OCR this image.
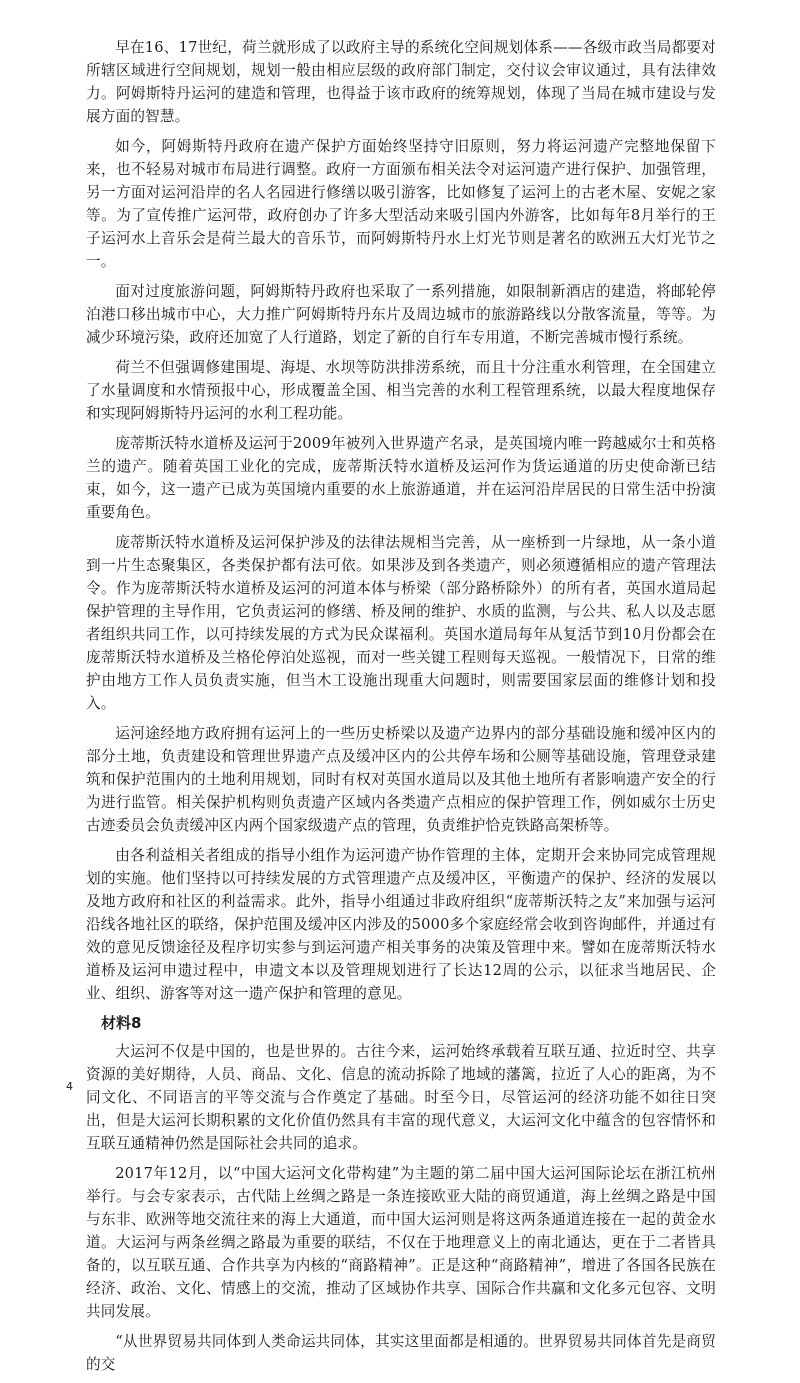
早在16、17世纪，荷兰就形成了以政府主导的系统化空间规划体系——各级市政当局都要对所辖区域进行空间规划，规划一般由相应层级的政府部门制定，交付议会审议通过，具有法律效力。阿姆斯特丹运河的建造和管理，也得益于该市政府的统筹规划，体现了当局在城市建设与发展方面的智慧。

如今，阿姆斯特丹政府在遗产保护方面始终坚持守旧原则，努力将运河遗产完整地保留下来，也不轻易对城市布局进行调整。政府一方面颁布相关法令对运河遗产进行保护、加强管理，另一方面对运河沿岸的名人名园进行修缮以吸引游客，比如修复了运河上的古老木屋、安妮之家等。为了宣传推广运河带，政府创办了许多大型活动来吸引国内外游客，比如每年8月举行的王子运河水上音乐会是荷兰最大的音乐节，而阿姆斯特丹水上灯光节则是著名的欧洲五大灯光节之一。

面对过度旅游问题，阿姆斯特丹政府也采取了一系列措施，如限制新酒店的建造，将邮轮停泊港口移出城市中心，大力推广阿姆斯特丹东片及周边城市的旅游路线以分散客流量，等等。为减少环境污染，政府还加宽了人行道路，划定了新的自行车专用道，不断完善城市慢行系统。

荷兰不但强调修建围堤、海堤、水坝等防洪排涝系统，而且十分注重水利管理，在全国建立了水量调度和水情预报中心，形成覆盖全国、相当完善的水利工程管理系统，以最大程度地保存和实现阿姆斯特丹运河的水利工程功能。

庞蒂斯沃特水道桥及运河于2009年被列入世界遗产名录，是英国境内唯一跨越威尔士和英格兰的遗产。随着英国工业化的完成，庞蒂斯沃特水道桥及运河作为货运通道的历史使命渐已结束，如今，这一遗产已成为英国境内重要的水上旅游通道，并在运河沿岸居民的日常生活中扮演重要角色。

庞蒂斯沃特水道桥及运河保护涉及的法律法规相当完善，从一座桥到一片绿地，从一条小道到一片生态聚集区，各类保护都有法可依。如果涉及到各类遗产，则必须遵循相应的遗产管理法令。作为庞蒂斯沃特水道桥及运河的河道本体与桥梁（部分路桥除外）的所有者，英国水道局起保护管理的主导作用，它负责运河的修缮、桥及闸的维护、水质的监测，与公共、私人以及志愿者组织共同工作，以可持续发展的方式为民众谋福利。英国水道局每年从复活节到10月份都会在庞蒂斯沃特水道桥及兰格伦停泊处巡视，而对一些关键工程则每天巡视。一般情况下，日常的维护由地方工作人员负责实施，但当木工设施出现重大问题时，则需要国家层面的维修计划和投入。

运河途经地方政府拥有运河上的一些历史桥梁以及遗产边界内的部分基础设施和缓冲区内的部分土地，负责建设和管理世界遗产点及缓冲区内的公共停车场和公厕等基础设施，管理登录建筑和保护范围内的土地利用规划，同时有权对英国水道局以及其他土地所有者影响遗产安全的行为进行监管。相关保护机构则负责遗产区域内各类遗产点相应的保护管理工作，例如威尔士历史古迹委员会负责缓冲区内两个国家级遗产点的管理，负责维护恰克铁路高架桥等。

由各利益相关者组成的指导小组作为运河遗产协作管理的主体，定期开会来协同完成管理规划的实施。他们坚持以可持续发展的方式管理遗产点及缓冲区，平衡遗产的保护、经济的发展以及地方政府和社区的利益需求。此外，指导小组通过非政府组织“庞蒂斯沃特之友”来加强与运河沿线各地社区的联络，保护范围及缓冲区内涉及的5000多个家庭经常会收到咨询邮件，并通过有效的意见反馈途径及程序切实参与到运河遗产相关事务的决策及管理中来。譬如在庞蒂斯沃特水道桥及运河申遗过程中，申遗文本以及管理规划进行了长达12周的公示，以征求当地居民、企业、组织、游客等对这一遗产保护和管理的意见。

材料8

大运河不仅是中国的，也是世界的。古往今来，运河始终承载着互联互通、拉近时空、共享资源的美好期待，人员、商品、文化、信息的流动拆除了地域的藩篱，拉近了人心的距离，为不同文化、不同语言的平等交流与合作奠定了基础。时至今日，尽管运河的经济功能不如往日突出，但是大运河长期积累的文化价值仍然具有丰富的现代意义，大运河文化中蕴含的包容情怀和互联互通精神仍然是国际社会共同的追求。

2017年12月，以“中国大运河文化带构建”为主题的第二届中国大运河国际论坛在浙江杭州举行。与会专家表示，古代陆上丝绸之路是一条连接欧亚大陆的商贸通道，海上丝绸之路是中国与东非、欧洲等地交流往来的海上大通道，而中国大运河则是将这两条通道连接在一起的黄金水道。大运河与两条丝绸之路最为重要的联结，不仅在于地理意义上的南北通达，更在于二者皆具备的，以互联互通、合作共享为内核的“商路精神”。正是这种“商路精神”，增进了各国各民族在经济、政治、文化、情感上的交流，推动了区域协作共享、国际合作共赢和文化多元包容、文明共同发展。

“从世界贸易共同体到人类命运共同体，其实这里面都是相通的。世界贸易共同体首先是商贸的交

4
